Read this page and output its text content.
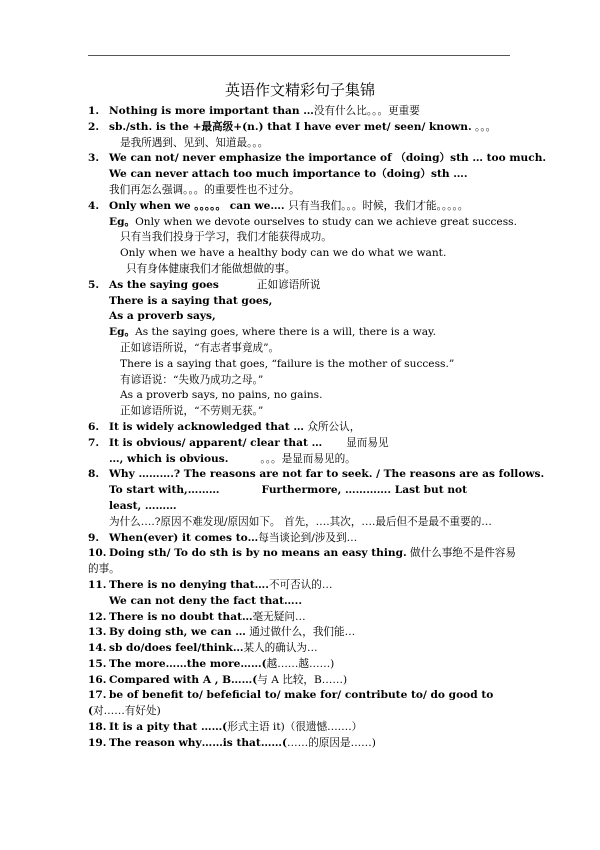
英语作文精彩句子集锦
1. Nothing is more important than …没有什么比。。。更重要
2. sb./sth. is the +最高级+(n.) that I have ever met/ seen/ known. 。。。
是我所遇到、见到、知道最。。。
3. We can not/ never emphasize the importance of （doing）sth … too much.
We can never attach too much importance to（doing）sth ….
我们再怎么强调。。。的重要性也不过分。
4. Only when we 。。。。。 can we…. 只有当我们。。。时候，我们才能。。。。。
Eg。Only when we devote ourselves to study can we achieve great success.
只有当我们投身于学习，我们才能获得成功。
Only when we have a healthy body can we do what we want.
只有身体健康我们才能做想做的事。
5. As the saying goes	正如谚语所说
There is a saying that goes,
As a proverb says,
Eg。As the saying goes, where there is a will, there is a way.
正如谚语所说，“有志者事竟成”。
There is a saying that goes, “failure is the mother of success.”
有谚语说：“失败乃成功之母。”
As a proverb says, no pains, no gains.
正如谚语所说，“不劳则无获。”
6. It is widely acknowledged that … 众所公认，
7. It is obvious/ apparent/ clear that … 显而易见
…, which is obvious.	。。。是显而易见的。
8. Why ……….? The reasons are not far to seek. / The reasons are as follows.
To start with,………	Furthermore, …………. Last but not
least, ………
为什么….?原因不难发现/原因如下。 首先，….其次，….最后但不是最不重要的…
9. When(ever) it comes to…每当谈论到/涉及到…
10. Doing sth/ To do sth is by no means an easy thing. 做什么事绝不是件容易的事。
11. There is no denying that….不可否认的…
We can not deny the fact that…..
12. There is no doubt that…毫无疑问…
13. By doing sth, we can … 通过做什么，我们能…
14. sb do/does feel/think…某人的确认为…
15. The more……the more……(越……越……)
16. Compared with A , B……(与 A 比较，B……)
17. be of benefit to/ befeficial to/ make for/ contribute to/ do good to (对……有好处)
18. It is a pity that ……(形式主语 it)（很遗憾…….）
19. The reason why……is that……(……的原因是……)
